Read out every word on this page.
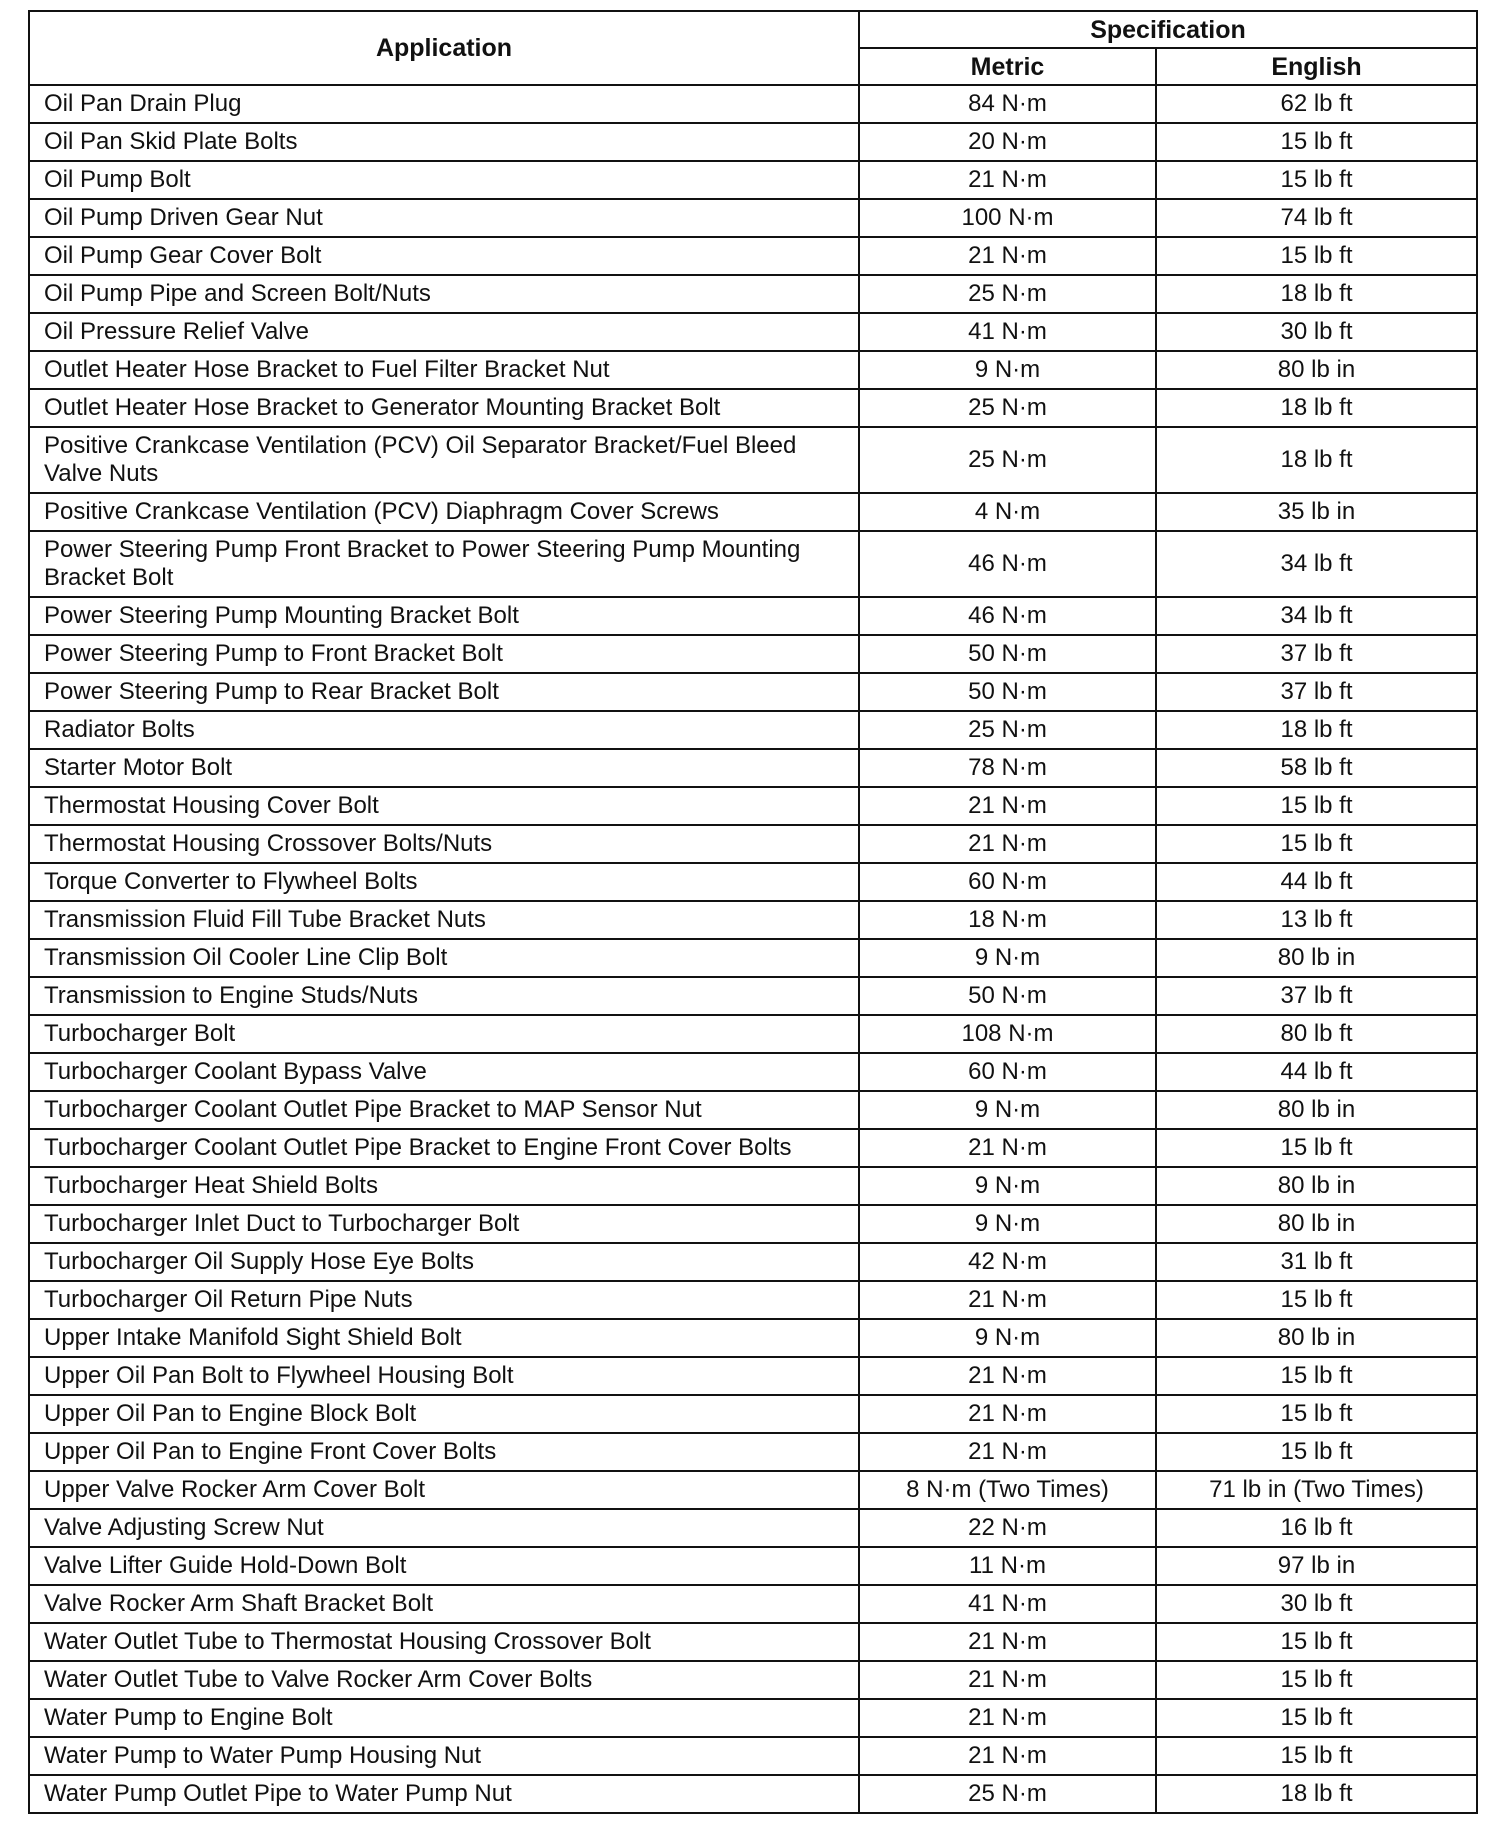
Application	Specification	
	Metric	English
Oil Pan Drain Plug	84 N·m	62 lb ft
Oil Pan Skid Plate Bolts	20 N·m	15 lb ft
Oil Pump Bolt	21 N·m	15 lb ft
Oil Pump Driven Gear Nut	100 N·m	74 lb ft
Oil Pump Gear Cover Bolt	21 N·m	15 lb ft
Oil Pump Pipe and Screen Bolt/Nuts	25 N·m	18 lb ft
Oil Pressure Relief Valve	41 N·m	30 lb ft
Outlet Heater Hose Bracket to Fuel Filter Bracket Nut	9 N·m	80 lb in
Outlet Heater Hose Bracket to Generator Mounting Bracket Bolt	25 N·m	18 lb ft
Positive Crankcase Ventilation (PCV) Oil Separator Bracket/Fuel Bleed Valve Nuts	25 N·m	18 lb ft
Positive Crankcase Ventilation (PCV) Diaphragm Cover Screws	4 N·m	35 lb in
Power Steering Pump Front Bracket to Power Steering Pump Mounting Bracket Bolt	46 N·m	34 lb ft
Power Steering Pump Mounting Bracket Bolt	46 N·m	34 lb ft
Power Steering Pump to Front Bracket Bolt	50 N·m	37 lb ft
Power Steering Pump to Rear Bracket Bolt	50 N·m	37 lb ft
Radiator Bolts	25 N·m	18 lb ft
Starter Motor Bolt	78 N·m	58 lb ft
Thermostat Housing Cover Bolt	21 N·m	15 lb ft
Thermostat Housing Crossover Bolts/Nuts	21 N·m	15 lb ft
Torque Converter to Flywheel Bolts	60 N·m	44 lb ft
Transmission Fluid Fill Tube Bracket Nuts	18 N·m	13 lb ft
Transmission Oil Cooler Line Clip Bolt	9 N·m	80 lb in
Transmission to Engine Studs/Nuts	50 N·m	37 lb ft
Turbocharger Bolt	108 N·m	80 lb ft
Turbocharger Coolant Bypass Valve	60 N·m	44 lb ft
Turbocharger Coolant Outlet Pipe Bracket to MAP Sensor Nut	9 N·m	80 lb in
Turbocharger Coolant Outlet Pipe Bracket to Engine Front Cover Bolts	21 N·m	15 lb ft
Turbocharger Heat Shield Bolts	9 N·m	80 lb in
Turbocharger Inlet Duct to Turbocharger Bolt	9 N·m	80 lb in
Turbocharger Oil Supply Hose Eye Bolts	42 N·m	31 lb ft
Turbocharger Oil Return Pipe Nuts	21 N·m	15 lb ft
Upper Intake Manifold Sight Shield Bolt	9 N·m	80 lb in
Upper Oil Pan Bolt to Flywheel Housing Bolt	21 N·m	15 lb ft
Upper Oil Pan to Engine Block Bolt	21 N·m	15 lb ft
Upper Oil Pan to Engine Front Cover Bolts	21 N·m	15 lb ft
Upper Valve Rocker Arm Cover Bolt	8 N·m (Two Times)	71 lb in (Two Times)
Valve Adjusting Screw Nut	22 N·m	16 lb ft
Valve Lifter Guide Hold-Down Bolt	11 N·m	97 lb in
Valve Rocker Arm Shaft Bracket Bolt	41 N·m	30 lb ft
Water Outlet Tube to Thermostat Housing Crossover Bolt	21 N·m	15 lb ft
Water Outlet Tube to Valve Rocker Arm Cover Bolts	21 N·m	15 lb ft
Water Pump to Engine Bolt	21 N·m	15 lb ft
Water Pump to Water Pump Housing Nut	21 N·m	15 lb ft
Water Pump Outlet Pipe to Water Pump Nut	25 N·m	18 lb ft
